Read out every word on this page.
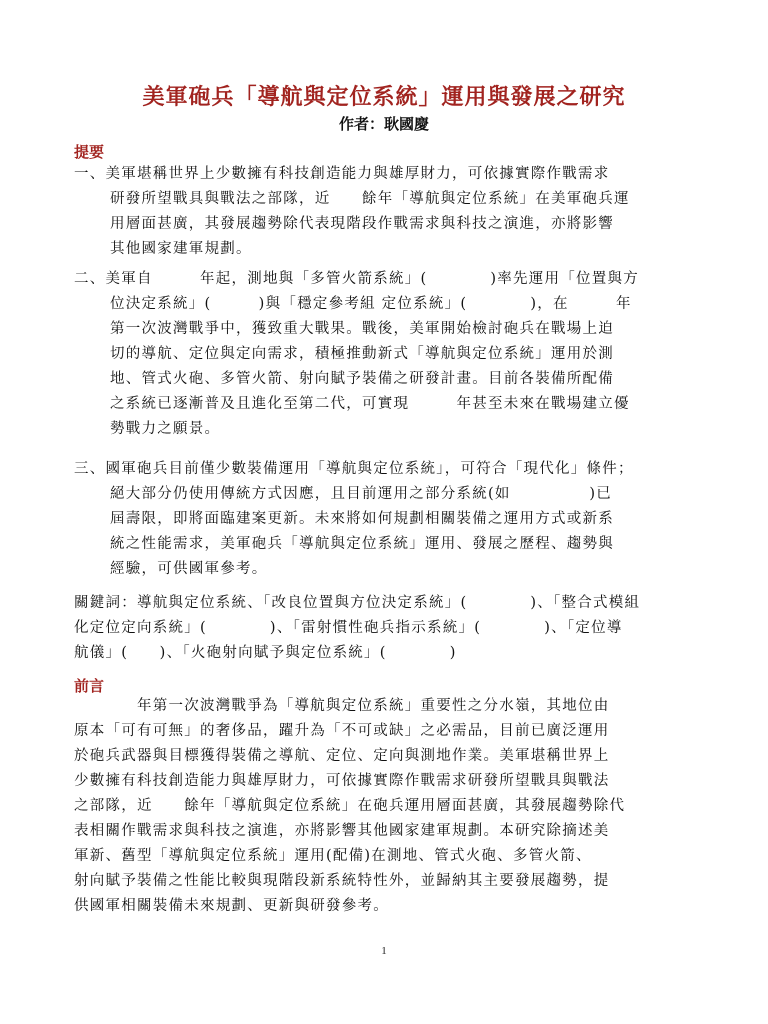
美軍砲兵「導航與定位系統」運用與發展之研究
作者：耿國慶
提要
一、美軍堪稱世界上少數擁有科技創造能力與雄厚財力，可依據實際作戰需求
研發所望戰具與戰法之部隊，近　　餘年「導航與定位系統」在美軍砲兵運
用層面甚廣，其發展趨勢除代表現階段作戰需求與科技之演進，亦將影響
其他國家建軍規劃。
二、美軍自　　　年起，測地與「多管火箭系統」(　　　　)率先運用「位置與方
位決定系統」(　　　)與「穩定參考組 定位系統」(　　　　)，在　　　年
第一次波灣戰爭中，獲致重大戰果。戰後，美軍開始檢討砲兵在戰場上迫
切的導航、定位與定向需求，積極推動新式「導航與定位系統」運用於測
地、管式火砲、多管火箭、射向賦予裝備之研發計畫。目前各裝備所配備
之系統已逐漸普及且進化至第二代，可實現　　　年甚至未來在戰場建立優
勢戰力之願景。
三、國軍砲兵目前僅少數裝備運用「導航與定位系統」，可符合「現代化」條件；
絕大部分仍使用傳統方式因應，且目前運用之部分系統(如　　　　　)已
屆壽限，即將面臨建案更新。未來將如何規劃相關裝備之運用方式或新系
統之性能需求，美軍砲兵「導航與定位系統」運用、發展之歷程、趨勢與
經驗，可供國軍參考。
關鍵詞：導航與定位系統、「改良位置與方位決定系統」(　　　　)、「整合式模組
化定位定向系統」(　　　　)、「雷射慣性砲兵指示系統」(　　　　)、「定位導
航儀」(　　)、「火砲射向賦予與定位系統」(　　　　)
前言
　　　　年第一次波灣戰爭為「導航與定位系統」重要性之分水嶺，其地位由
原本「可有可無」的奢侈品，躍升為「不可或缺」之必需品，目前已廣泛運用
於砲兵武器與目標獲得裝備之導航、定位、定向與測地作業。美軍堪稱世界上
少數擁有科技創造能力與雄厚財力，可依據實際作戰需求研發所望戰具與戰法
之部隊，近　　餘年「導航與定位系統」在砲兵運用層面甚廣，其發展趨勢除代
表相關作戰需求與科技之演進，亦將影響其他國家建軍規劃。本研究除摘述美
軍新、舊型「導航與定位系統」運用(配備)在測地、管式火砲、多管火箭、
射向賦予裝備之性能比較與現階段新系統特性外，並歸納其主要發展趨勢，提
供國軍相關裝備未來規劃、更新與研發參考。
1
